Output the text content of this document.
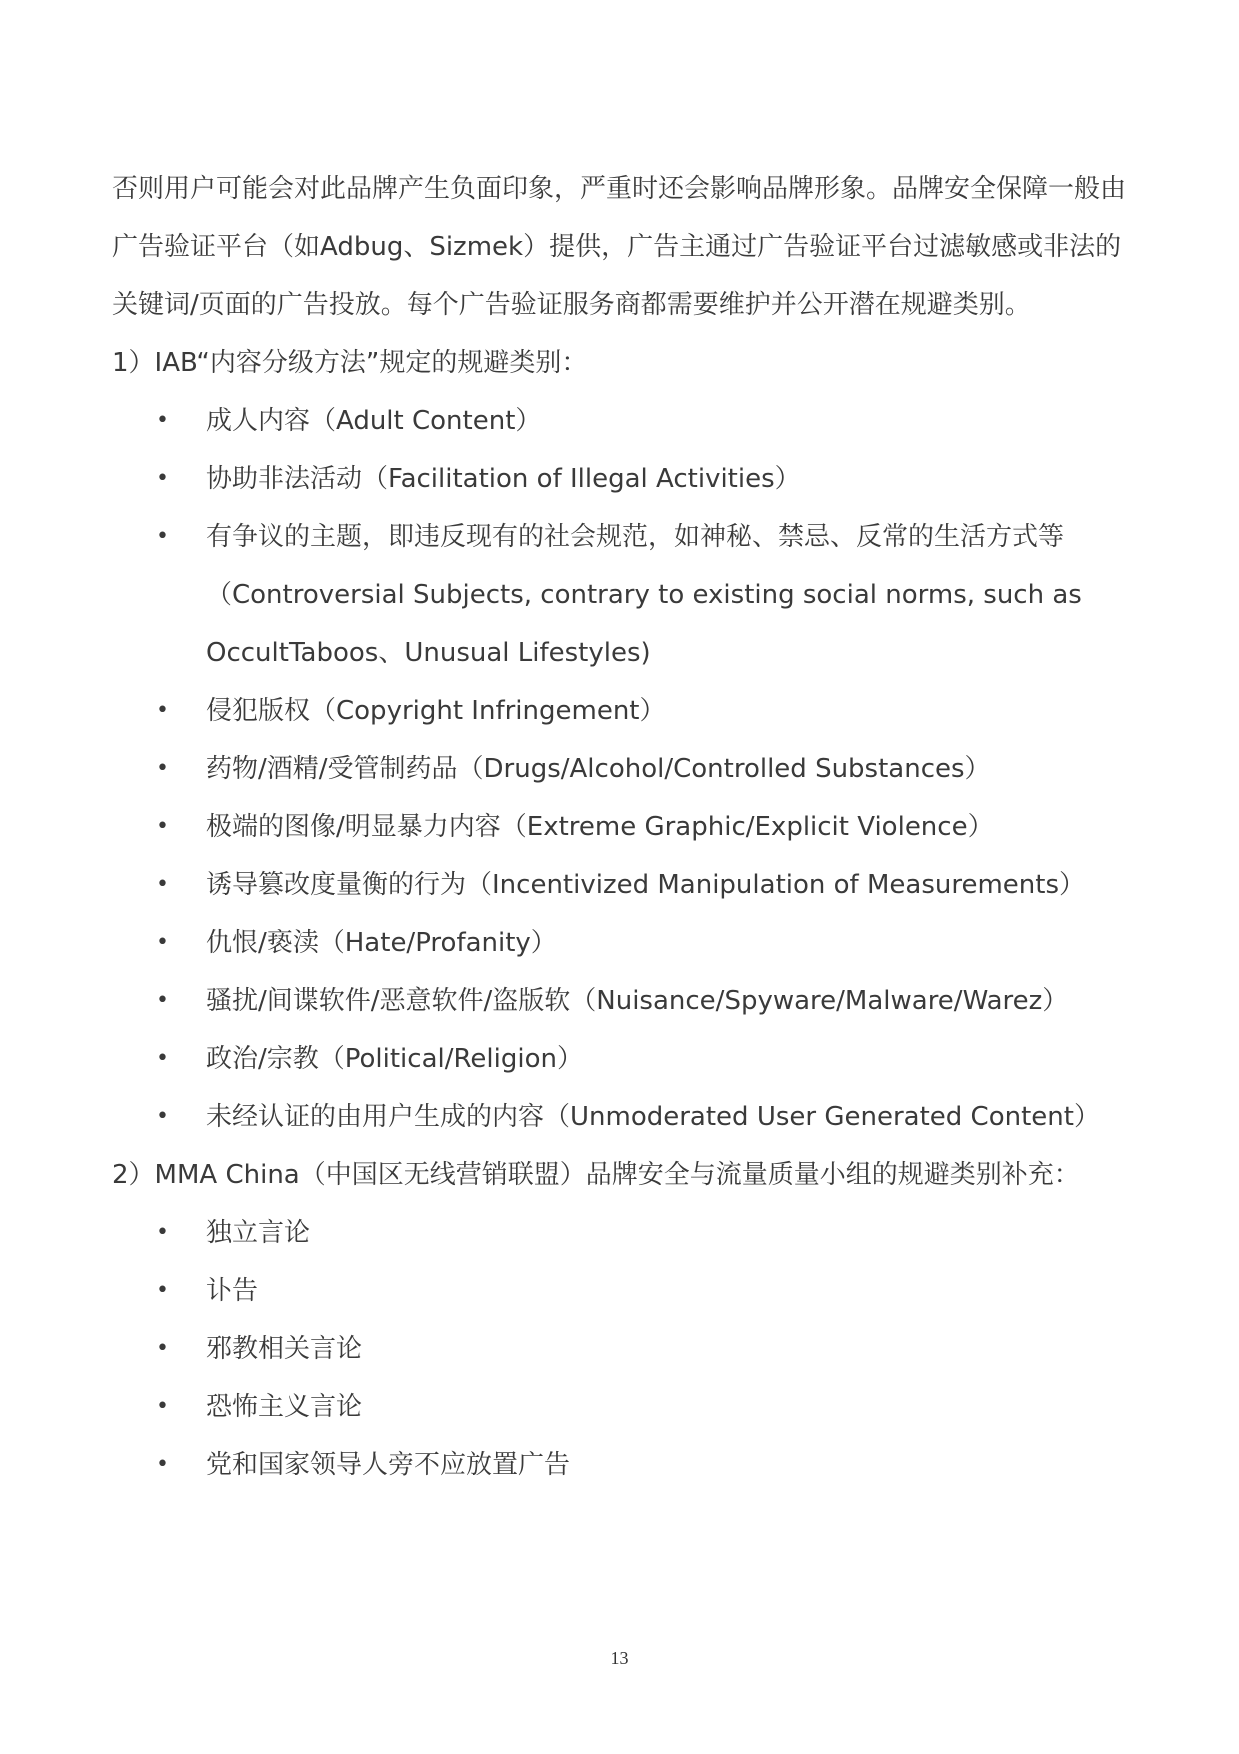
否则用户可能会对此品牌产生负面印象，严重时还会影响品牌形象。品牌安全保障一般由广告验证平台（如Adbug、Sizmek）提供，广告主通过广告验证平台过滤敏感或非法的关键词/页面的广告投放。每个广告验证服务商都需要维护并公开潜在规避类别。

1）IAB“内容分级方法”规定的规避类别：

• 成人内容（Adult Content）
• 协助非法活动（Facilitation of Illegal Activities）
• 有争议的主题，即违反现有的社会规范，如神秘、禁忌、反常的生活方式等（Controversial Subjects, contrary to existing social norms, such as OccultTaboos、Unusual Lifestyles)
• 侵犯版权（Copyright Infringement）
• 药物/酒精/受管制药品（Drugs/Alcohol/Controlled Substances）
• 极端的图像/明显暴力内容（Extreme Graphic/Explicit Violence）
• 诱导篡改度量衡的行为（Incentivized Manipulation of Measurements）
• 仇恨/亵渎（Hate/Profanity）
• 骚扰/间谍软件/恶意软件/盗版软（Nuisance/Spyware/Malware/Warez）
• 政治/宗教（Political/Religion）
• 未经认证的由用户生成的内容（Unmoderated User Generated Content）

2）MMA China（中国区无线营销联盟）品牌安全与流量质量小组的规避类别补充：

• 独立言论
• 讣告
• 邪教相关言论
• 恐怖主义言论
• 党和国家领导人旁不应放置广告
13
